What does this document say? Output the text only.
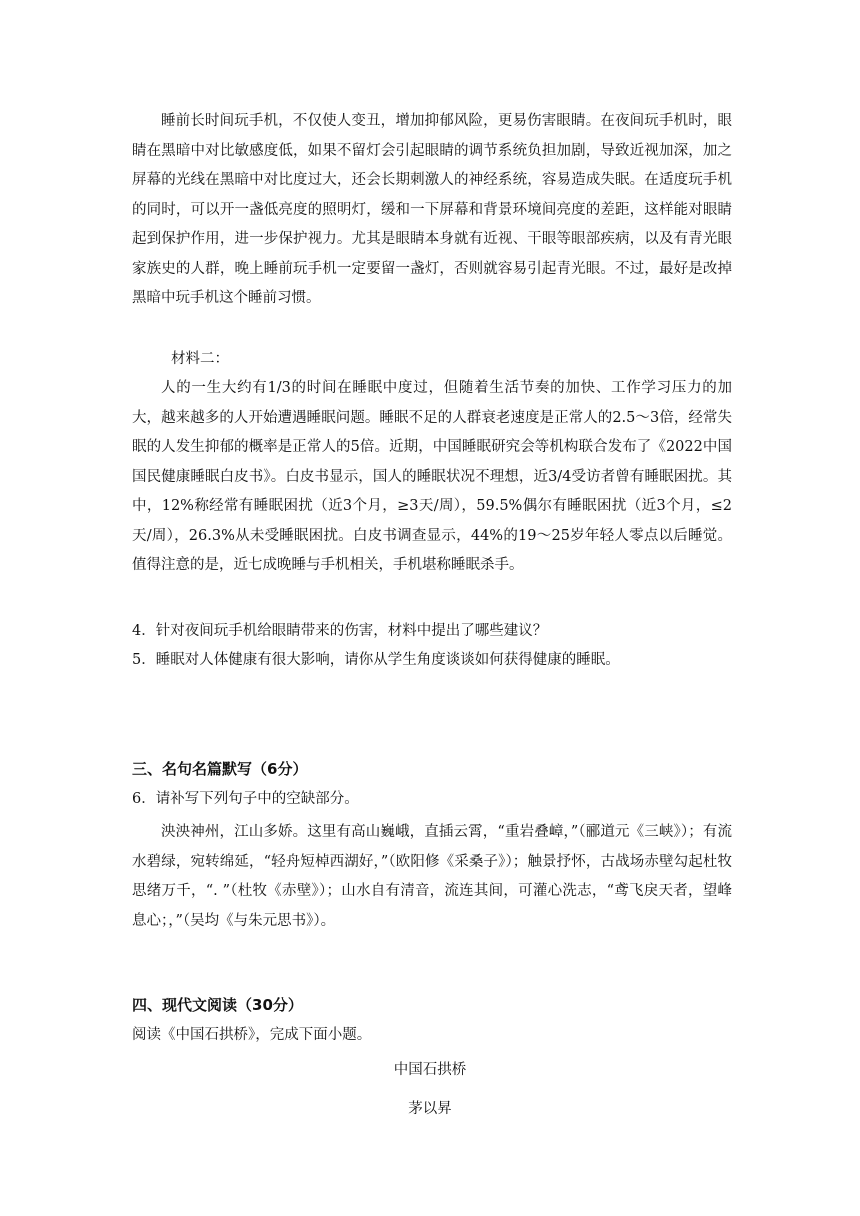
睡前长时间玩手机，不仅使人变丑，增加抑郁风险，更易伤害眼睛。在夜间玩手机时，眼睛在黑暗中对比敏感度低，如果不留灯会引起眼睛的调节系统负担加剧，导致近视加深，加之屏幕的光线在黑暗中对比度过大，还会长期刺激人的神经系统，容易造成失眠。在适度玩手机的同时，可以开一盏低亮度的照明灯，缓和一下屏幕和背景环境间亮度的差距，这样能对眼睛起到保护作用，进一步保护视力。尤其是眼睛本身就有近视、干眼等眼部疾病，以及有青光眼家族史的人群，晚上睡前玩手机一定要留一盏灯，否则就容易引起青光眼。不过，最好是改掉黑暗中玩手机这个睡前习惯。

材料二：

人的一生大约有1/3的时间在睡眠中度过，但随着生活节奏的加快、工作学习压力的加大，越来越多的人开始遭遇睡眠问题。睡眠不足的人群衰老速度是正常人的2.5～3倍，经常失眠的人发生抑郁的概率是正常人的5倍。近期，中国睡眠研究会等机构联合发布了《2022中国国民健康睡眠白皮书》。白皮书显示，国人的睡眠状况不理想，近3/4受访者曾有睡眠困扰。其中，12%称经常有睡眠困扰（近3个月，≥3天/周），59.5%偶尔有睡眠困扰（近3个月，≤2天/周），26.3%从未受睡眠困扰。白皮书调查显示，44%的19～25岁年轻人零点以后睡觉。值得注意的是，近七成晚睡与手机相关，手机堪称睡眠杀手。

4．针对夜间玩手机给眼睛带来的伤害，材料中提出了哪些建议？

5．睡眠对人体健康有很大影响，请你从学生角度谈谈如何获得健康的睡眠。

三、名句名篇默写（6分）

6．请补写下列句子中的空缺部分。

泱泱神州，江山多娇。这里有高山巍峨，直插云霄，“重岩叠嶂，”（郦道元《三峡》）；有流水碧绿，宛转绵延，“轻舟短棹西湖好，”（欧阳修《采桑子》）；触景抒怀，古战场赤壁勾起杜牧思绪万千，“. ”（杜牧《赤壁》）；山水自有清音，流连其间，可灌心洗志，“鸢飞戾天者，望峰息心；，”（吴均《与朱元思书》）。

四、现代文阅读（30分）

阅读《中国石拱桥》，完成下面小题。

中国石拱桥

茅以昇
